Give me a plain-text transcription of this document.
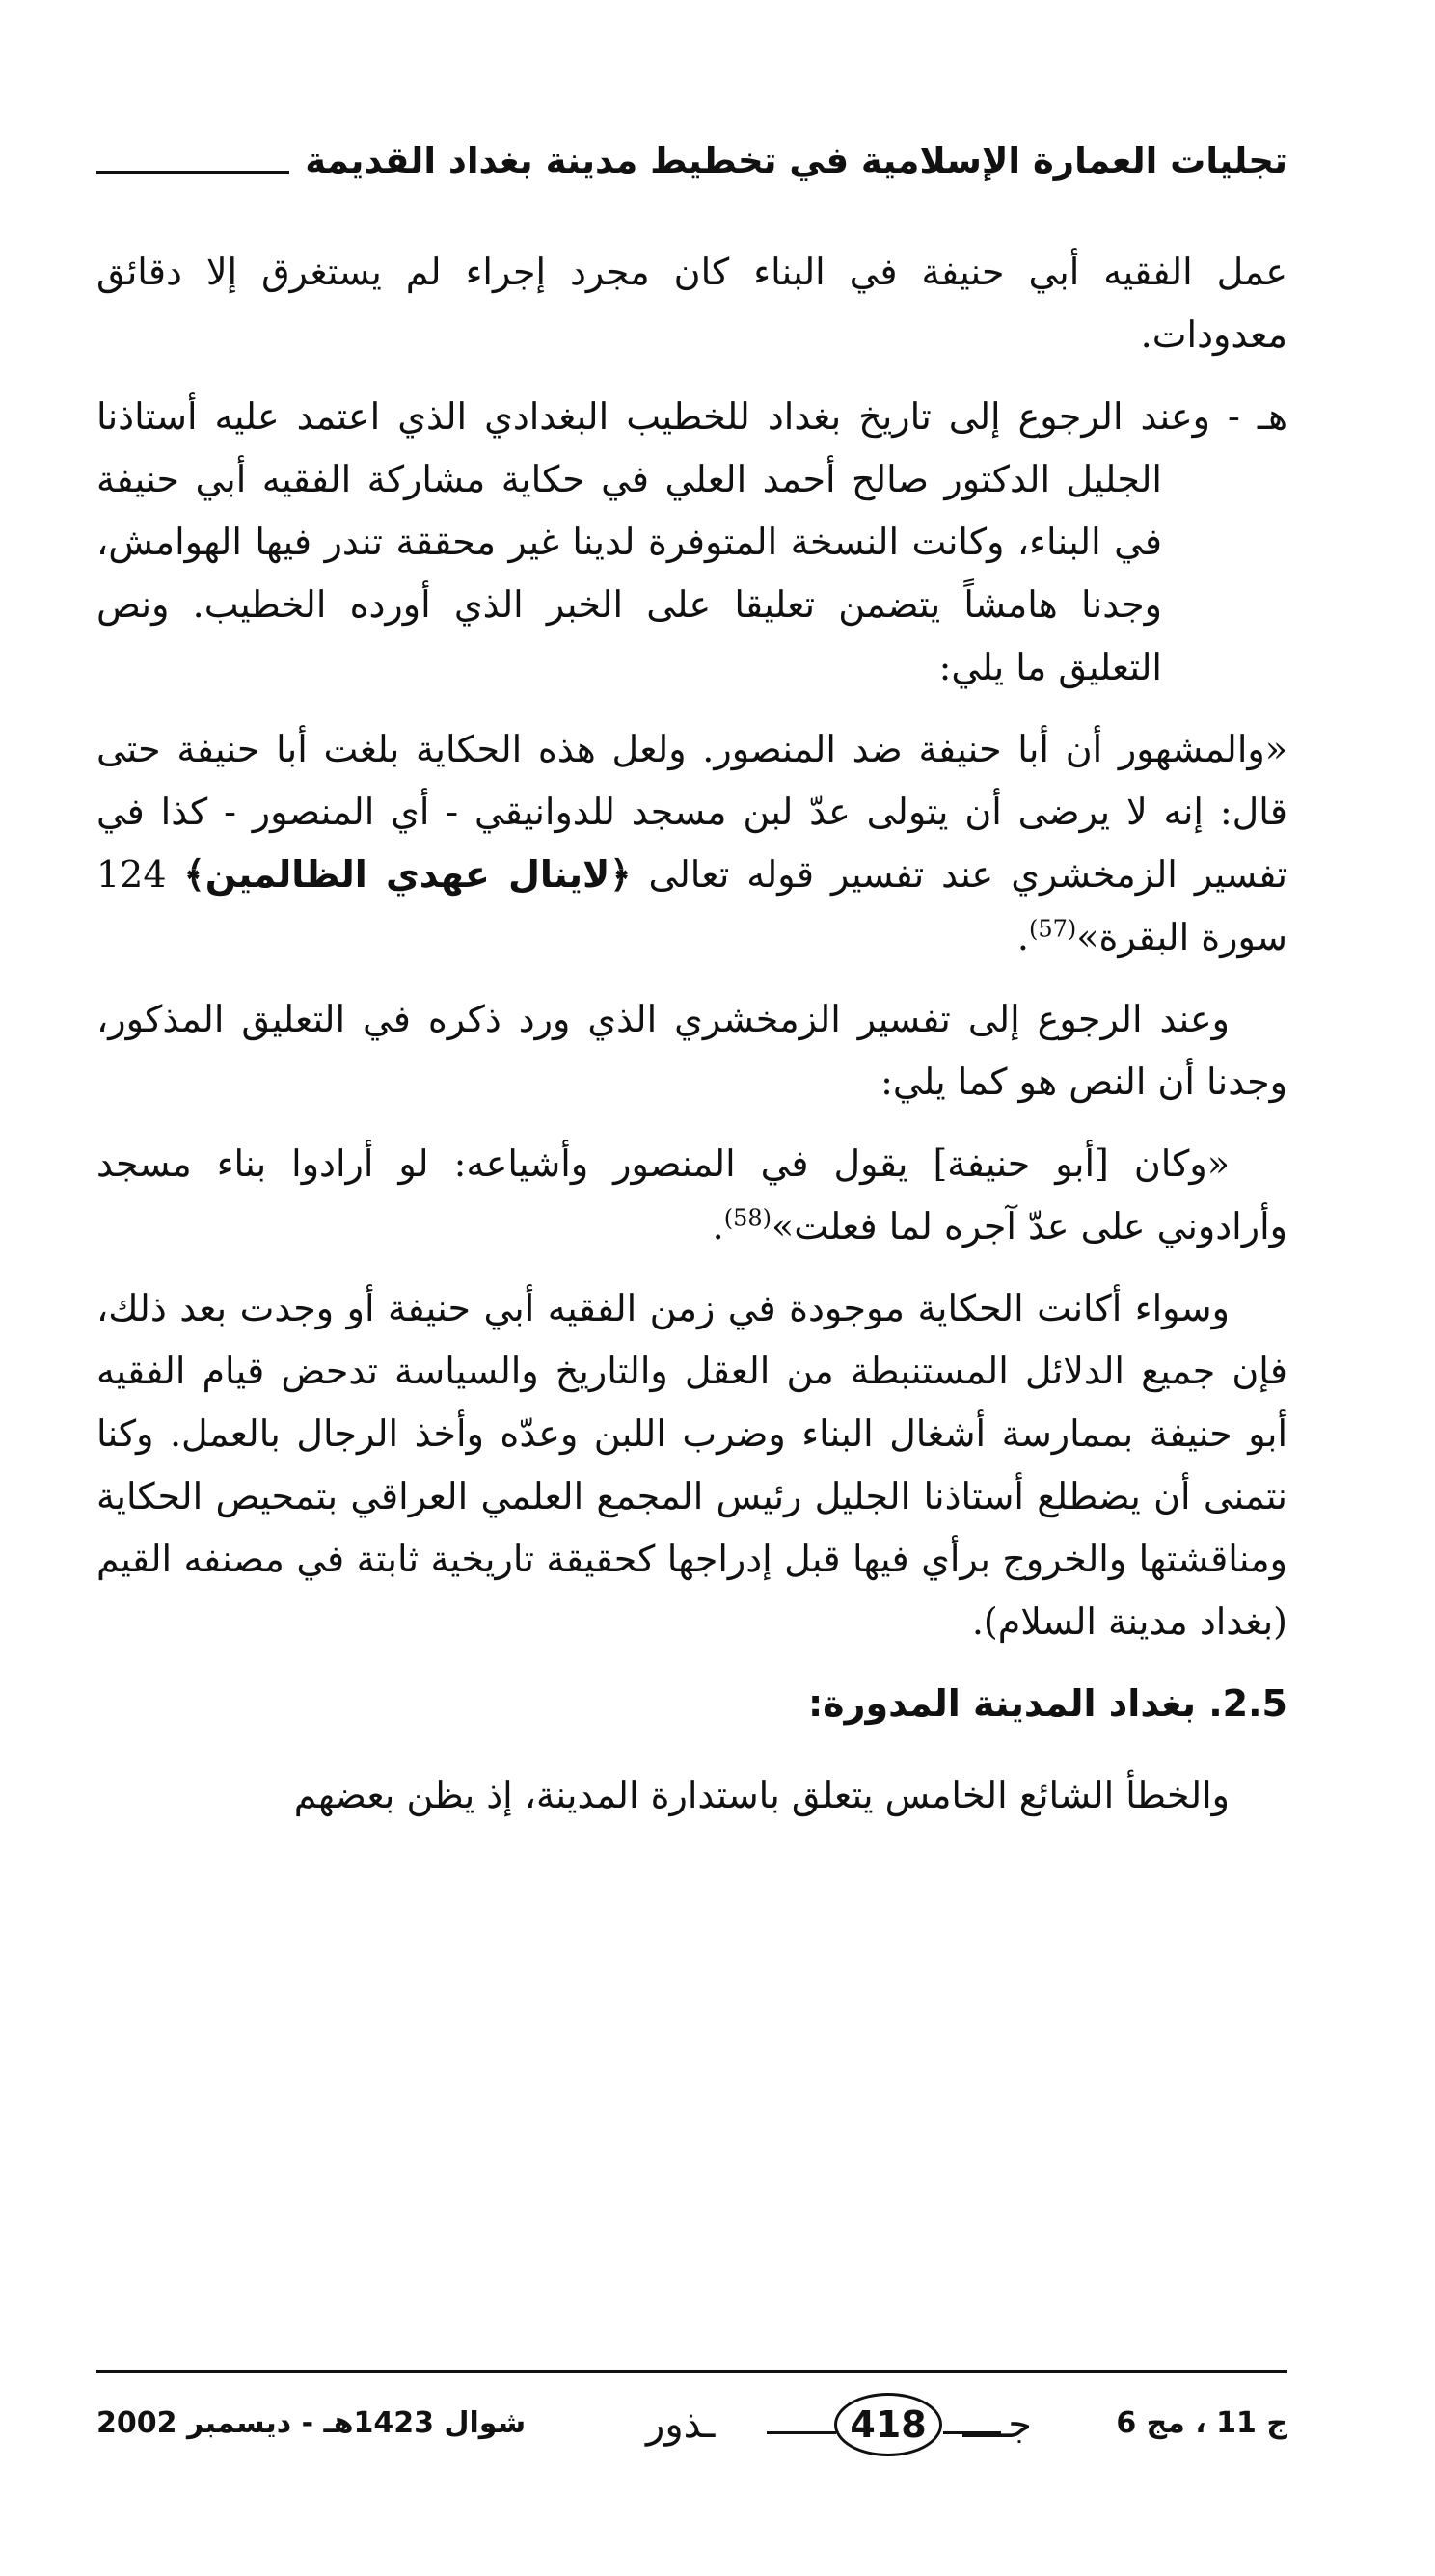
تجليات العمارة الإسلامية في تخطيط مدينة بغداد القديمة

عمل الفقيه أبي حنيفة في البناء كان مجرد إجراء لم يستغرق إلا دقائق معدودات.

هـ - وعند الرجوع إلى تاريخ بغداد للخطيب البغدادي الذي اعتمد عليه أستاذنا الجليل الدكتور صالح أحمد العلي في حكاية مشاركة الفقيه أبي حنيفة في البناء، وكانت النسخة المتوفرة لدينا غير محققة تندر فيها الهوامش، وجدنا هامشاً يتضمن تعليقا على الخبر الذي أورده الخطيب. ونص التعليق ما يلي:

«والمشهور أن أبا حنيفة ضد المنصور. ولعل هذه الحكاية بلغت أبا حنيفة حتى قال: إنه لا يرضى أن يتولى عدّ لبن مسجد للدوانيقي - أي المنصور - كذا في تفسير الزمخشري عند تفسير قوله تعالى ﴿لاينال عهدي الظالمين﴾ 124 سورة البقرة»$^{(57)}$.

وعند الرجوع إلى تفسير الزمخشري الذي ورد ذكره في التعليق المذكور، وجدنا أن النص هو كما يلي:

«وكان [أبو حنيفة] يقول في المنصور وأشياعه: لو أرادوا بناء مسجد وأرادوني على عدّ آجره لما فعلت»$^{(58)}$.

وسواء أكانت الحكاية موجودة في زمن الفقيه أبي حنيفة أو وجدت بعد ذلك، فإن جميع الدلائل المستنبطة من العقل والتاريخ والسياسة تدحض قيام الفقيه أبو حنيفة بممارسة أشغال البناء وضرب اللبن وعدّه وأخذ الرجال بالعمل. وكنا نتمنى أن يضطلع أستاذنا الجليل رئيس المجمع العلمي العراقي بتمحيص الحكاية ومناقشتها والخروج برأي فيها قبل إدراجها كحقيقة تاريخية ثابتة في مصنفه القيم (بغداد مدينة السلام).

2.5. بغداد المدينة المدورة:

والخطأ الشائع الخامس يتعلق باستدارة المدينة، إذ يظن بعضهم

ج 11 ، مج 6
جــــ
418
ـذور
شوال 1423هـ - ديسمبر 2002
